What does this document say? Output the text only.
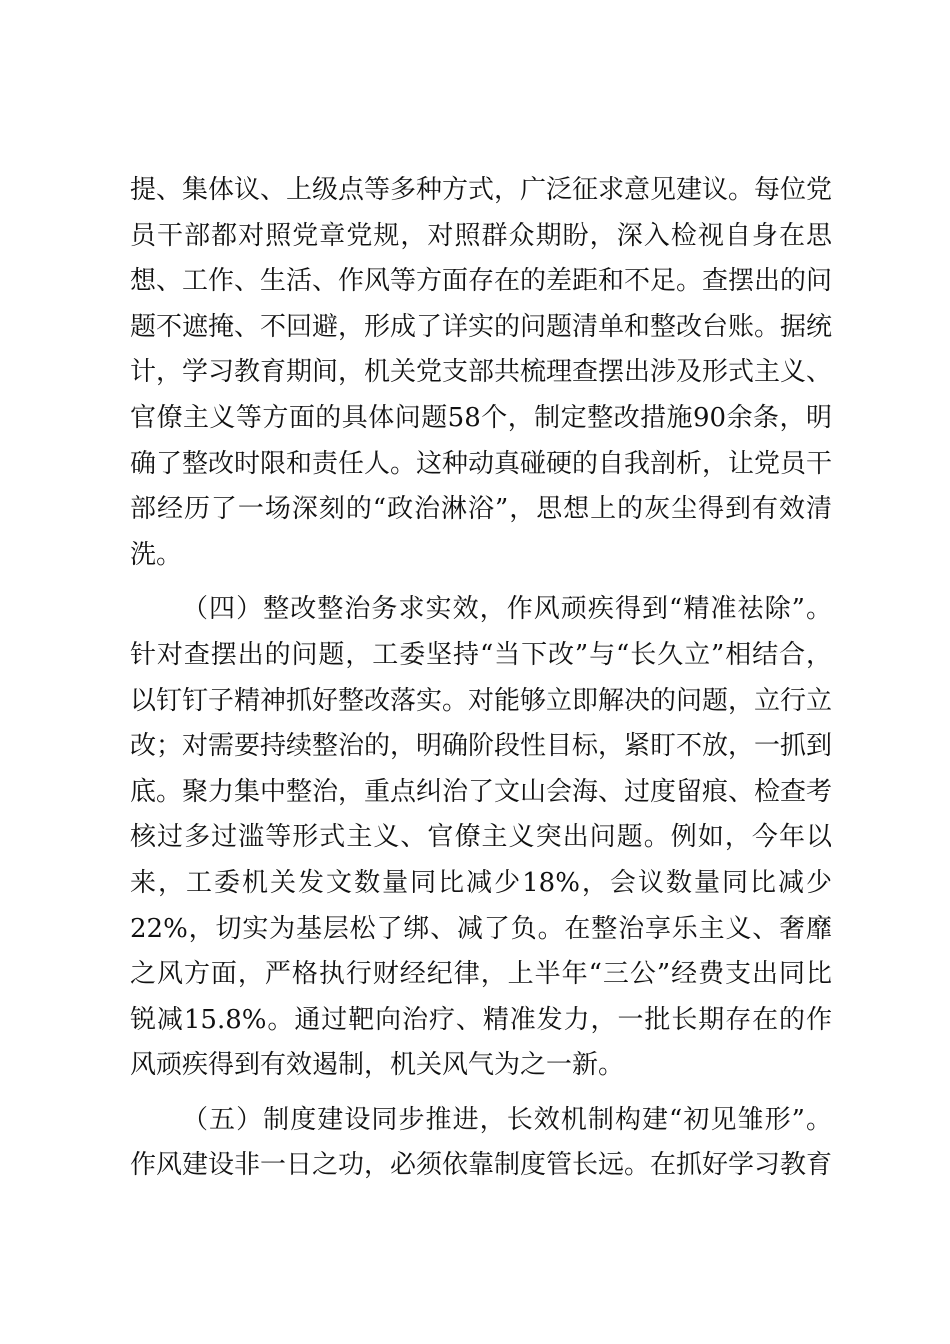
提、集体议、上级点等多种方式，广泛征求意见建议。每位党员干部都对照党章党规，对照群众期盼，深入检视自身在思想、工作、生活、作风等方面存在的差距和不足。查摆出的问题不遮掩、不回避，形成了详实的问题清单和整改台账。据统计，学习教育期间，机关党支部共梳理查摆出涉及形式主义、官僚主义等方面的具体问题58个，制定整改措施90余条，明确了整改时限和责任人。这种动真碰硬的自我剖析，让党员干部经历了一场深刻的“政治淋浴”，思想上的灰尘得到有效清洗。

（四）整改整治务求实效，作风顽疾得到“精准祛除”。针对查摆出的问题，工委坚持“当下改”与“长久立”相结合，以钉钉子精神抓好整改落实。对能够立即解决的问题，立行立改；对需要持续整治的，明确阶段性目标，紧盯不放，一抓到底。聚力集中整治，重点纠治了文山会海、过度留痕、检查考核过多过滥等形式主义、官僚主义突出问题。例如，今年以来，工委机关发文数量同比减少18%，会议数量同比减少22%，切实为基层松了绑、减了负。在整治享乐主义、奢靡之风方面，严格执行财经纪律，上半年“三公”经费支出同比锐减15.8%。通过靶向治疗、精准发力，一批长期存在的作风顽疾得到有效遏制，机关风气为之一新。

（五）制度建设同步推进，长效机制构建“初见雏形”。作风建设非一日之功，必须依靠制度管长远。在抓好学习教育
